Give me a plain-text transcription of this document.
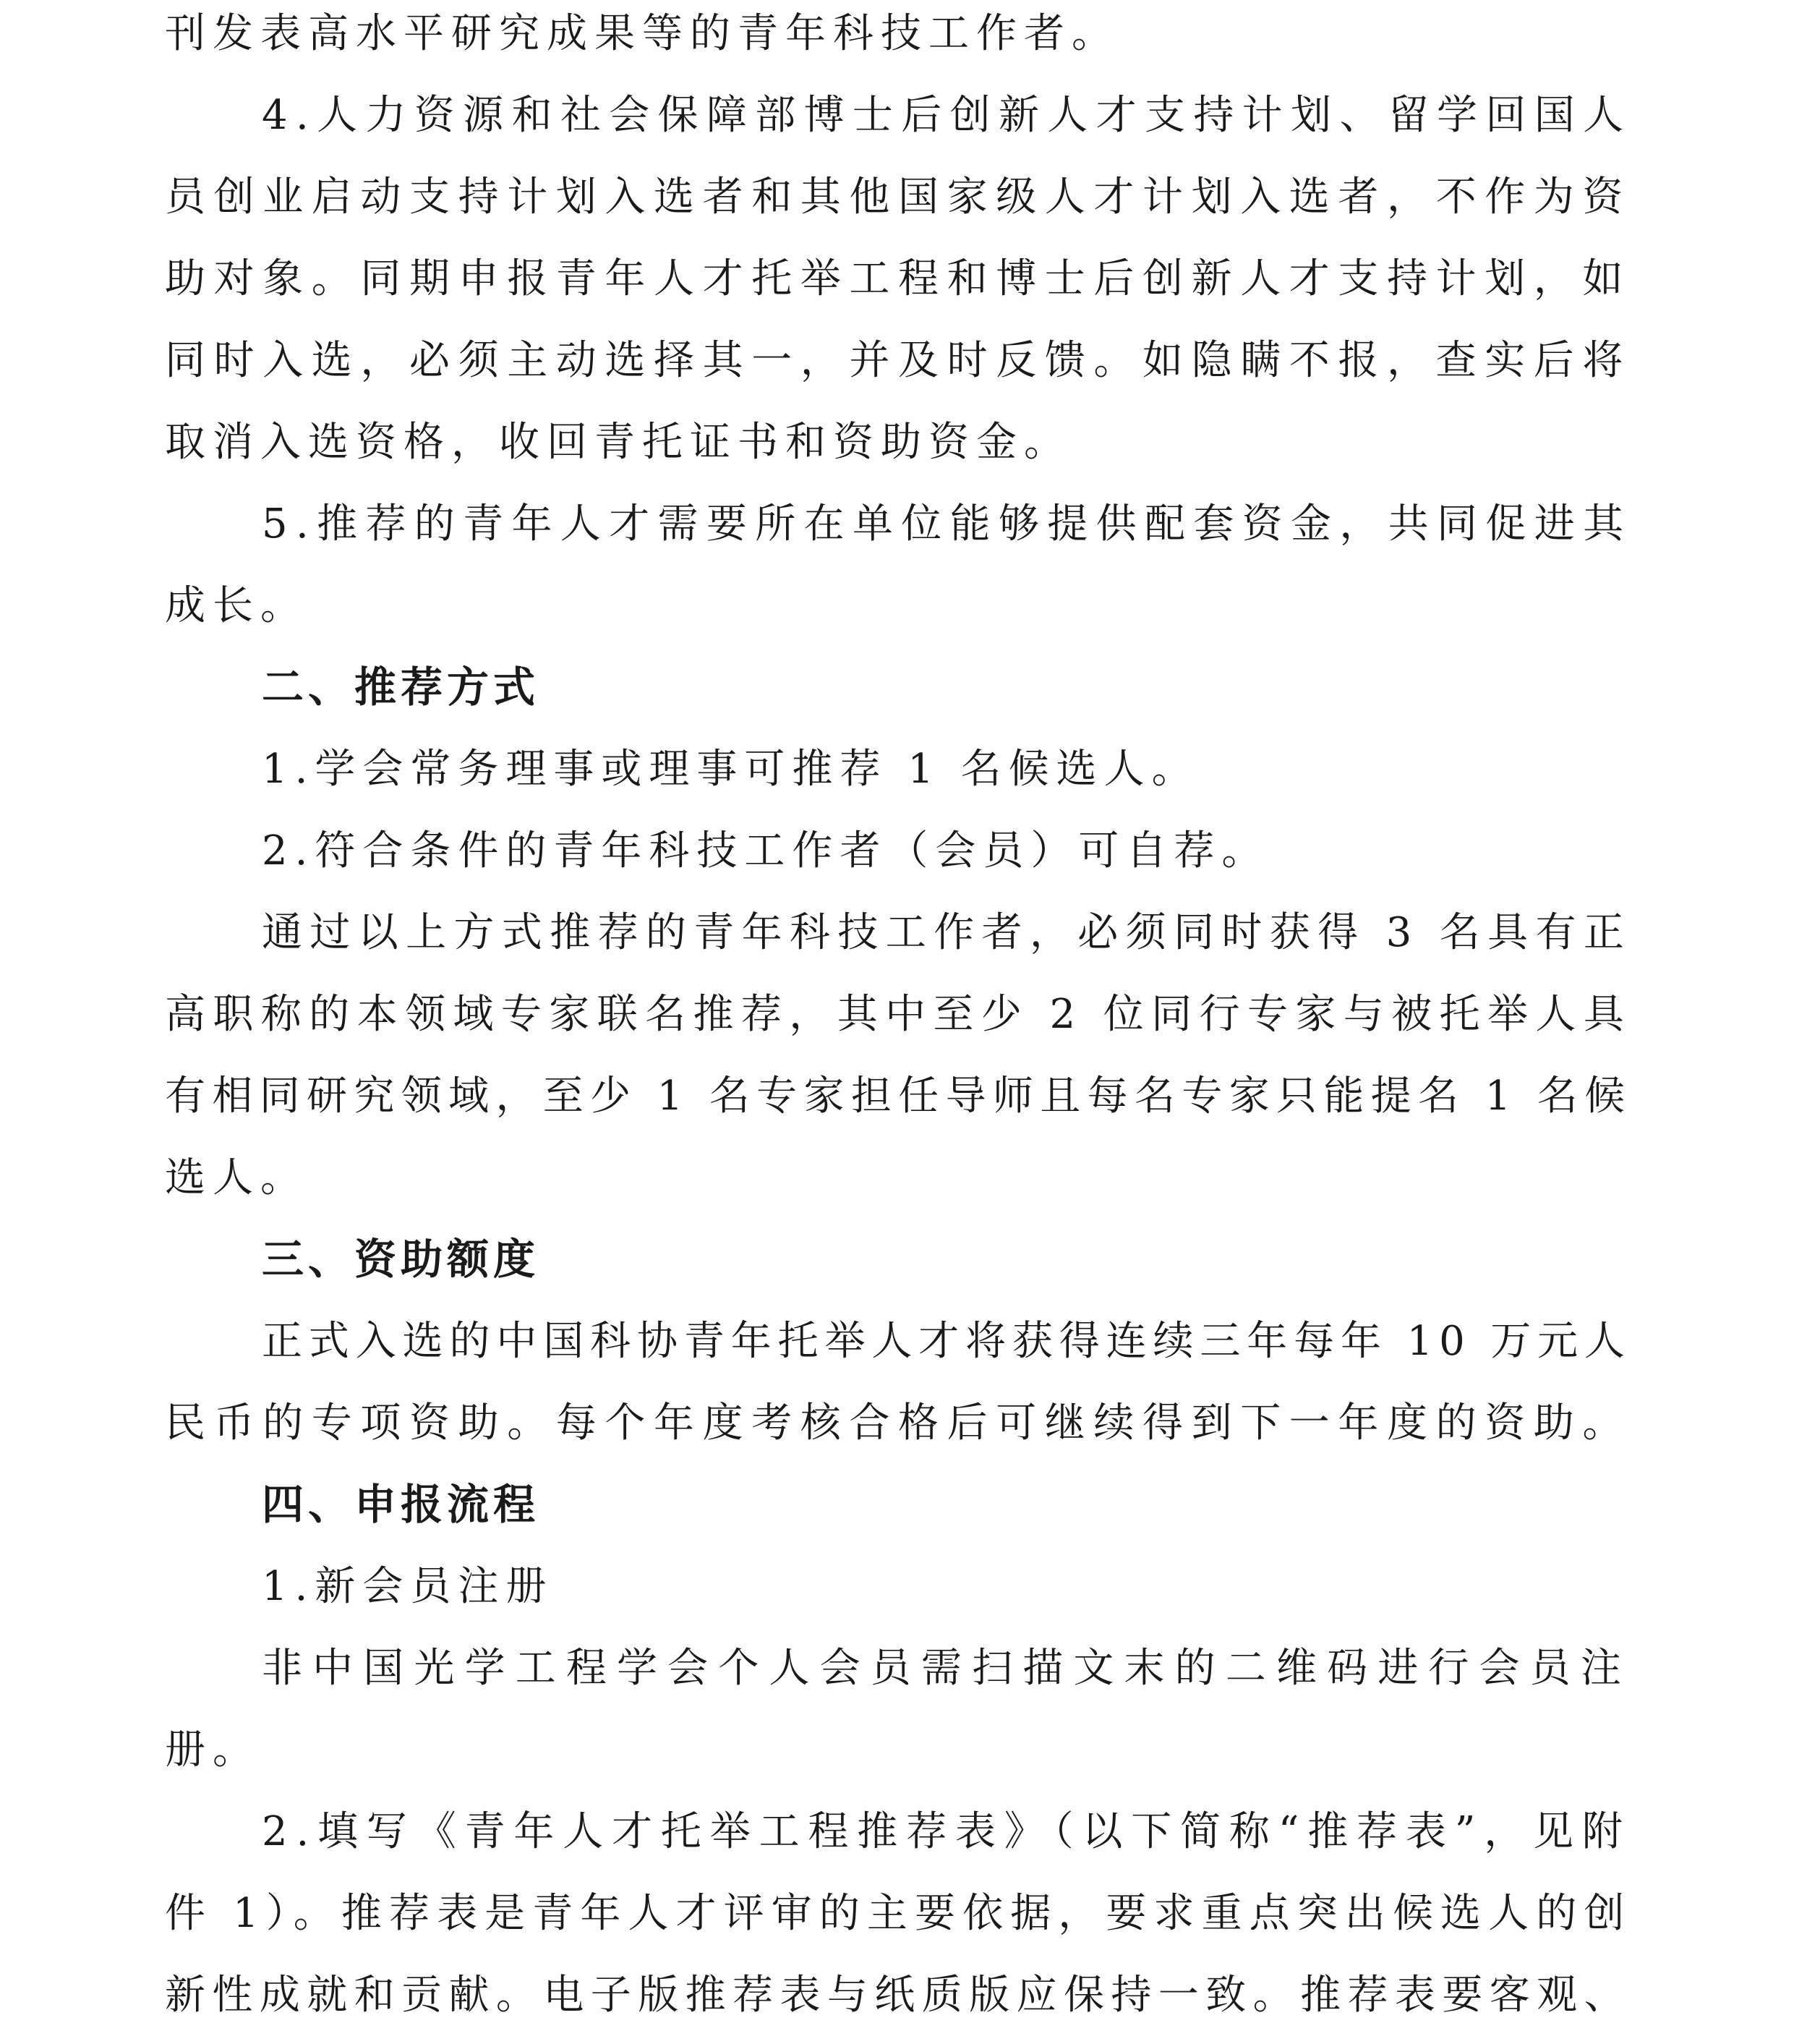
刊发表高水平研究成果等的青年科技工作者。
4.人力资源和社会保障部博士后创新人才支持计划、留学回国人
员创业启动支持计划入选者和其他国家级人才计划入选者，不作为资
助对象。同期申报青年人才托举工程和博士后创新人才支持计划，如
同时入选，必须主动选择其一，并及时反馈。如隐瞒不报，查实后将
取消入选资格，收回青托证书和资助资金。
5.推荐的青年人才需要所在单位能够提供配套资金，共同促进其
成长。
二、推荐方式
1.学会常务理事或理事可推荐 1 名候选人。
2.符合条件的青年科技工作者（会员）可自荐。
通过以上方式推荐的青年科技工作者，必须同时获得 3 名具有正
高职称的本领域专家联名推荐，其中至少 2 位同行专家与被托举人具
有相同研究领域，至少 1 名专家担任导师且每名专家只能提名 1 名候
选人。
三、资助额度
正式入选的中国科协青年托举人才将获得连续三年每年 10 万元人
民币的专项资助。每个年度考核合格后可继续得到下一年度的资助。
四、申报流程
1.新会员注册
非中国光学工程学会个人会员需扫描文末的二维码进行会员注
册。
2.填写《青年人才托举工程推荐表》（以下简称“推荐表”，见附
件 1）。推荐表是青年人才评审的主要依据，要求重点突出候选人的创
新性成就和贡献。电子版推荐表与纸质版应保持一致。推荐表要客观、
